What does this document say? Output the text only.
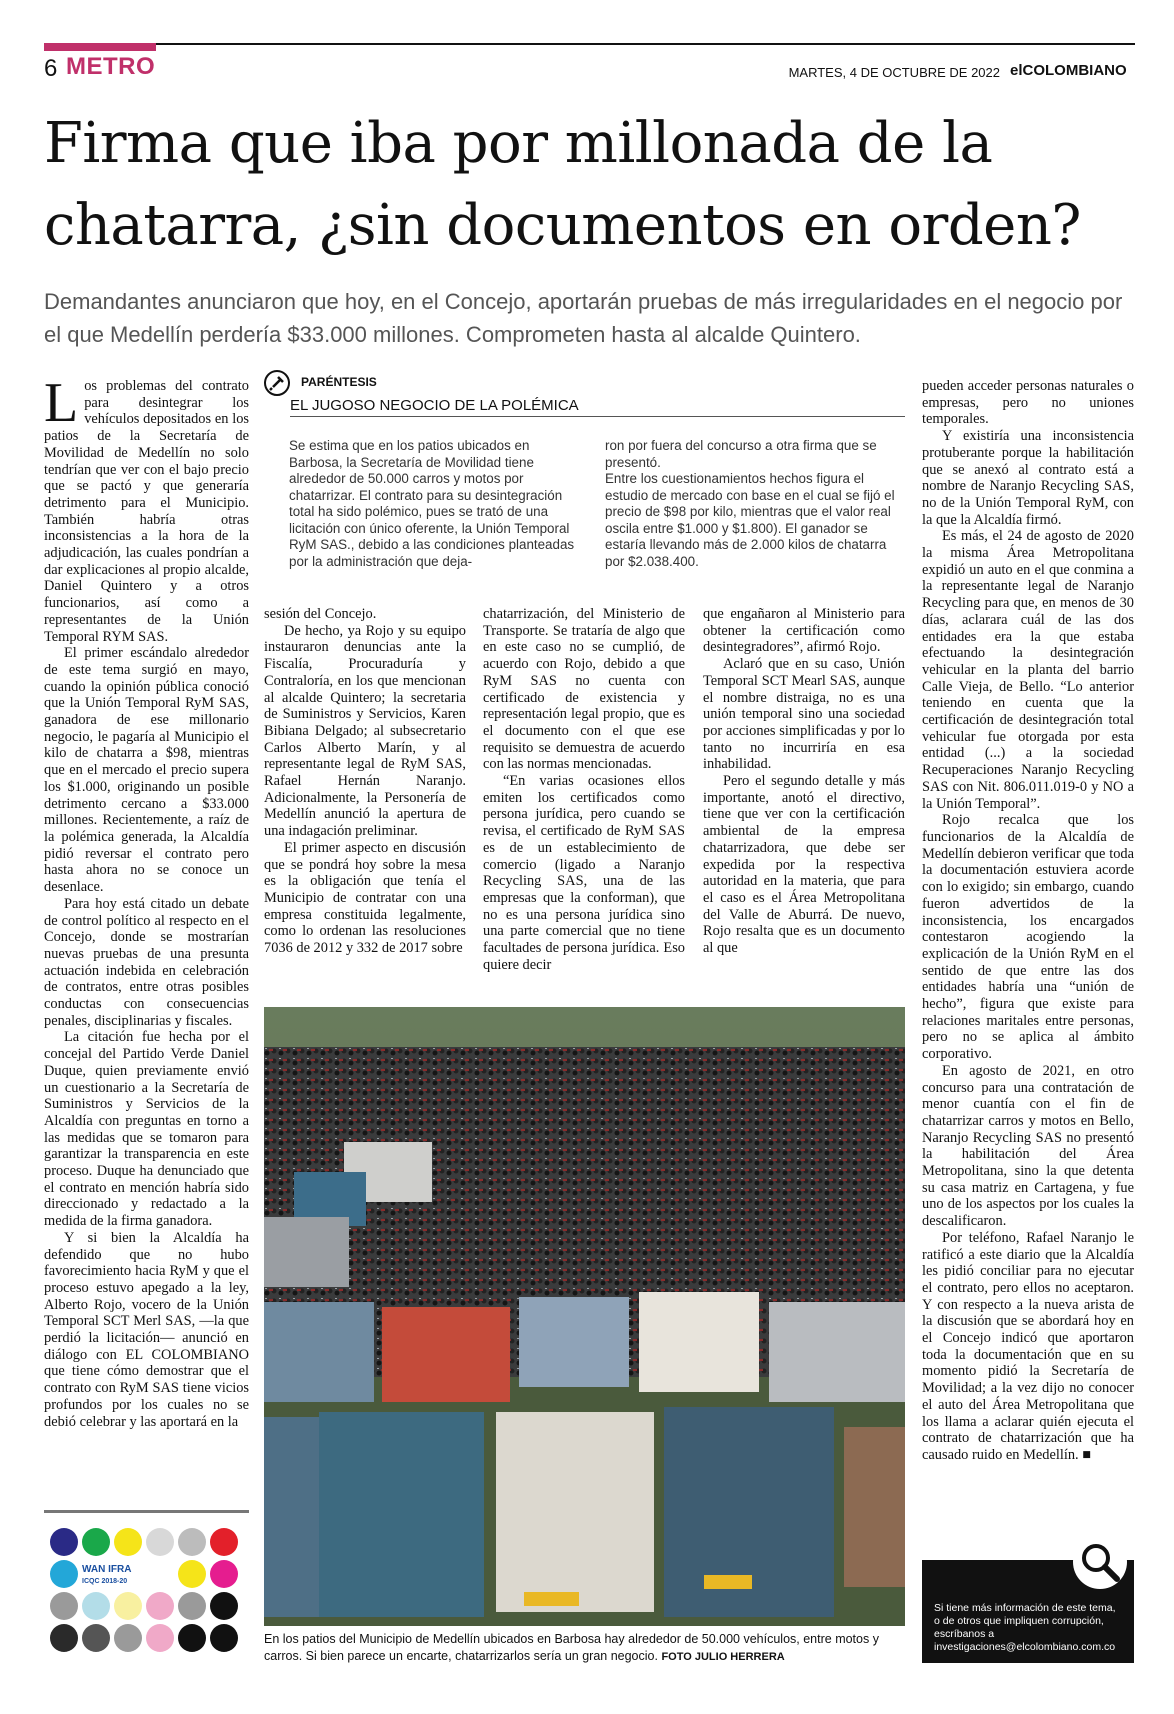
6 METRO	MARTES, 4 DE OCTUBRE DE 2022 elCOLOMBIANO
Firma que iba por millonada de la chatarra, ¿sin documentos en orden?
Demandantes anunciaron que hoy, en el Concejo, aportarán pruebas de más irregularidades en el negocio por el que Medellín perdería $33.000 millones. Comprometen hasta al alcalde Quintero.

Los problemas del contrato para desintegrar los vehículos depositados en los patios de la Secretaría de Movilidad de Medellín no solo tendrían que ver con el bajo precio que se pactó y que generaría detrimento para el Municipio. También habría otras inconsistencias a la hora de la adjudicación, las cuales pondrían a dar explicaciones al propio alcalde, Daniel Quintero y a otros funcionarios, así como a representantes de la Unión Temporal RYM SAS.

El primer escándalo alrededor de este tema surgió en mayo, cuando la opinión pública conoció que la Unión Temporal RyM SAS, ganadora de ese millonario negocio, le pagaría al Municipio el kilo de chatarra a $98, mientras que en el mercado el precio supera los $1.000, originando un posible detrimento cercano a $33.000 millones. Recientemente, a raíz de la polémica generada, la Alcaldía pidió reversar el contrato pero hasta ahora no se conoce un desenlace.

Para hoy está citado un debate de control político al respecto en el Concejo, donde se mostrarían nuevas pruebas de una presunta actuación indebida en celebración de contratos, entre otras posibles conductas con consecuencias penales, disciplinarias y fiscales.

La citación fue hecha por el concejal del Partido Verde Daniel Duque, quien previamente envió un cuestionario a la Secretaría de Suministros y Servicios de la Alcaldía con preguntas en torno a las medidas que se tomaron para garantizar la transparencia en este proceso. Duque ha denunciado que el contrato en mención habría sido direccionado y redactado a la medida de la firma ganadora.

Y si bien la Alcaldía ha defendido que no hubo favorecimiento hacia RyM y que el proceso estuvo apegado a la ley, Alberto Rojo, vocero de la Unión Temporal SCT Merl SAS, —la que perdió la licitación— anunció en diálogo con EL COLOMBIANO que tiene cómo demostrar que el contrato con RyM SAS tiene vicios profundos por los cuales no se debió celebrar y las aportará en la

PARÉNTESIS
EL JUGOSO NEGOCIO DE LA POLÉMICA
Se estima que en los patios ubicados en Barbosa, la Secretaría de Movilidad tiene alrededor de 50.000 carros y motos por chatarrizar. El contrato para su desintegración total ha sido polémico, pues se trató de una licitación con único oferente, la Unión Temporal RyM SAS., debido a las condiciones planteadas por la administración que deja-
ron por fuera del concurso a otra firma que se presentó.
Entre los cuestionamientos hechos figura el estudio de mercado con base en el cual se fijó el precio de $98 por kilo, mientras que el valor real oscila entre $1.000 y $1.800). El ganador se estaría llevando más de 2.000 kilos de chatarra por $2.038.400.

sesión del Concejo.

De hecho, ya Rojo y su equipo instauraron denuncias ante la Fiscalía, Procuraduría y Contraloría, en los que mencionan al alcalde Quintero; la secretaria de Suministros y Servicios, Karen Bibiana Delgado; al subsecretario Carlos Alberto Marín, y al representante legal de RyM SAS, Rafael Hernán Naranjo. Adicionalmente, la Personería de Medellín anunció la apertura de una indagación preliminar.

El primer aspecto en discusión que se pondrá hoy sobre la mesa es la obligación que tenía el Municipio de contratar con una empresa constituida legalmente, como lo ordenan las resoluciones 7036 de 2012 y 332 de 2017 sobre

chatarrización, del Ministerio de Transporte. Se trataría de algo que en este caso no se cumplió, de acuerdo con Rojo, debido a que RyM SAS no cuenta con certificado de existencia y representación legal propio, que es el documento con el que ese requisito se demuestra de acuerdo con las normas mencionadas.

“En varias ocasiones ellos emiten los certificados como persona jurídica, pero cuando se revisa, el certificado de RyM SAS es de un establecimiento de comercio (ligado a Naranjo Recycling SAS, una de las empresas que la conforman), que no es una persona jurídica sino una parte comercial que no tiene facultades de persona jurídica. Eso quiere decir

que engañaron al Ministerio para obtener la certificación como desintegradores”, afirmó Rojo.

Aclaró que en su caso, Unión Temporal SCT Mearl SAS, aunque el nombre distraiga, no es una unión temporal sino una sociedad por acciones simplificadas y por lo tanto no incurriría en esa inhabilidad.

Pero el segundo detalle y más importante, anotó el directivo, tiene que ver con la certificación ambiental de la empresa chatarrizadora, que debe ser expedida por la respectiva autoridad en la materia, que para el caso es el Área Metropolitana del Valle de Aburrá. De nuevo, Rojo resalta que es un documento al que

pueden acceder personas naturales o empresas, pero no uniones temporales.

Y existiría una inconsistencia protuberante porque la habilitación que se anexó al contrato está a nombre de Naranjo Recycling SAS, no de la Unión Temporal RyM, con la que la Alcaldía firmó.

Es más, el 24 de agosto de 2020 la misma Área Metropolitana expidió un auto en el que conmina a la representante legal de Naranjo Recycling para que, en menos de 30 días, aclarara cuál de las dos entidades era la que estaba efectuando la desintegración vehicular en la planta del barrio Calle Vieja, de Bello. “Lo anterior teniendo en cuenta que la certificación de desintegración total vehicular fue otorgada por esta entidad (...) a la sociedad Recuperaciones Naranjo Recycling SAS con Nit. 806.011.019-0 y NO a la Unión Temporal”.

Rojo recalca que los funcionarios de la Alcaldía de Medellín debieron verificar que toda la documentación estuviera acorde con lo exigido; sin embargo, cuando fueron advertidos de la inconsistencia, los encargados contestaron acogiendo la explicación de la Unión RyM en el sentido de que entre las dos entidades habría una “unión de hecho”, figura que existe para relaciones maritales entre personas, pero no se aplica al ámbito corporativo.

En agosto de 2021, en otro concurso para una contratación de menor cuantía con el fin de chatarrizar carros y motos en Bello, Naranjo Recycling SAS no presentó la habilitación del Área Metropolitana, sino la que detenta su casa matriz en Cartagena, y fue uno de los aspectos por los cuales la descalificaron.

Por teléfono, Rafael Naranjo le ratificó a este diario que la Alcaldía les pidió conciliar para no ejecutar el contrato, pero ellos no aceptaron. Y con respecto a la nueva arista de la discusión que se abordará hoy en el Concejo indicó que aportaron toda la documentación que en su momento pidió la Secretaría de Movilidad; a la vez dijo no conocer el auto del Área Metropolitana que los llama a aclarar quién ejecuta el contrato de chatarrización que ha causado ruido en Medellín. ■

En los patios del Municipio de Medellín ubicados en Barbosa hay alrededor de 50.000 vehículos, entre motos y carros. Si bien parece un encarte, chatarrizarlos sería un gran negocio. FOTO JULIO HERRERA
WAN IFRA
ICQC 2018-20
Si tiene más información de este tema, o de otros que impliquen corrupción, escríbanos a investigaciones@elcolombiano.com.co
